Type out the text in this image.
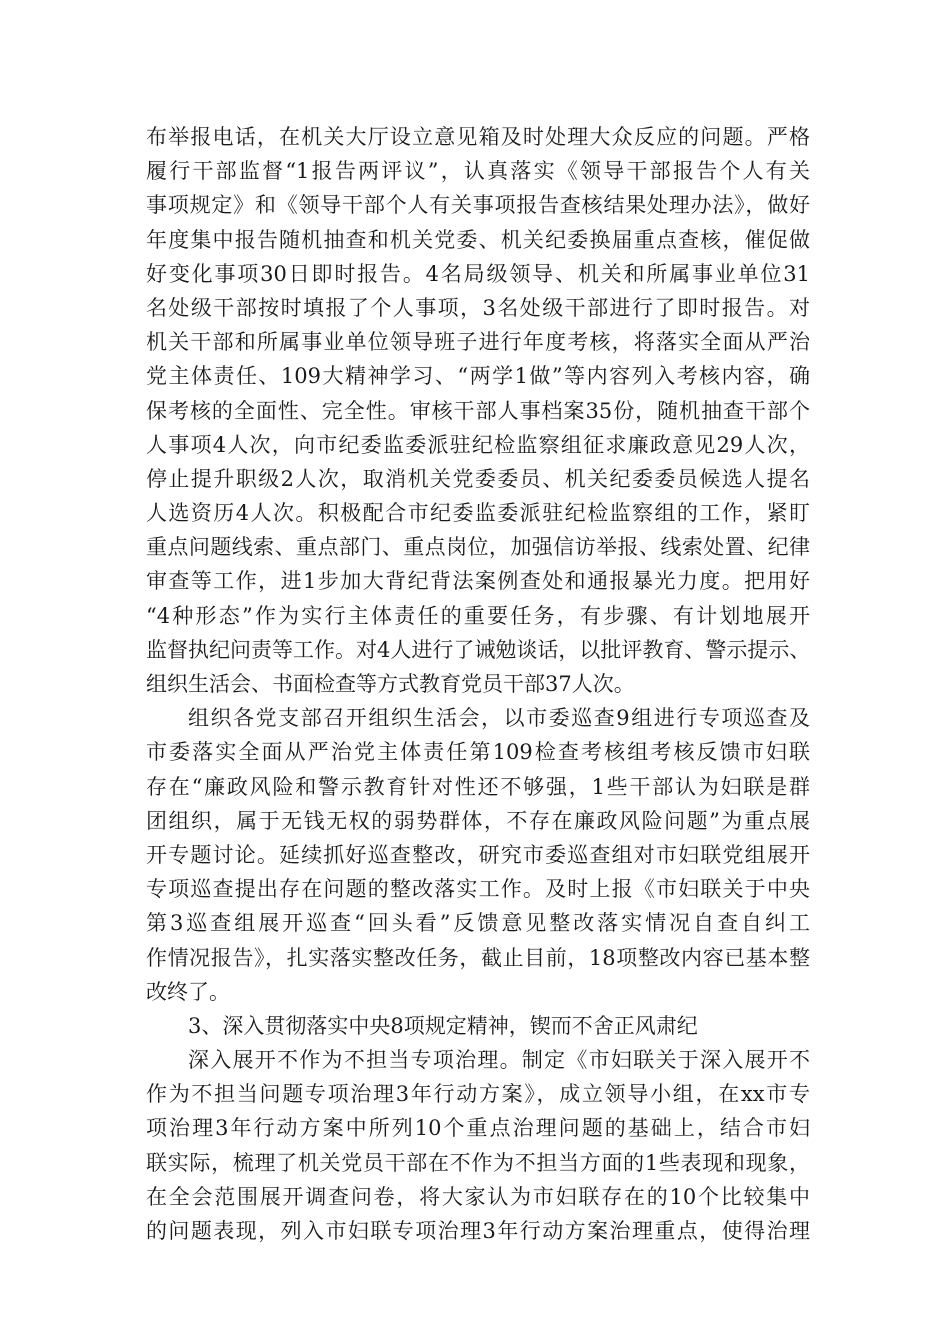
布举报电话，在机关大厅设立意见箱及时处理大众反应的问题。严格
履行干部监督“1报告两评议”，认真落实《领导干部报告个人有关
事项规定》和《领导干部个人有关事项报告查核结果处理办法》，做好
年度集中报告随机抽查和机关党委、机关纪委换届重点查核，催促做
好变化事项30日即时报告。4名局级领导、机关和所属事业单位31
名处级干部按时填报了个人事项，3名处级干部进行了即时报告。对
机关干部和所属事业单位领导班子进行年度考核，将落实全面从严治
党主体责任、109大精神学习、“两学1做”等内容列入考核内容，确
保考核的全面性、完全性。审核干部人事档案35份，随机抽查干部个
人事项4人次，向市纪委监委派驻纪检监察组征求廉政意见29人次，
停止提升职级2人次，取消机关党委委员、机关纪委委员候选人提名
人选资历4人次。积极配合市纪委监委派驻纪检监察组的工作，紧盯
重点问题线索、重点部门、重点岗位，加强信访举报、线索处置、纪律
审查等工作，进1步加大背纪背法案例查处和通报暴光力度。把用好
“4种形态”作为实行主体责任的重要任务，有步骤、有计划地展开
监督执纪问责等工作。对4人进行了诫勉谈话，以批评教育、警示提示、
组织生活会、书面检查等方式教育党员干部37人次。
组织各党支部召开组织生活会，以市委巡查9组进行专项巡查及
市委落实全面从严治党主体责任第109检查考核组考核反馈市妇联
存在“廉政风险和警示教育针对性还不够强，1些干部认为妇联是群
团组织，属于无钱无权的弱势群体，不存在廉政风险问题”为重点展
开专题讨论。延续抓好巡查整改，研究市委巡查组对市妇联党组展开
专项巡查提出存在问题的整改落实工作。及时上报《市妇联关于中央
第3巡查组展开巡查“回头看”反馈意见整改落实情况自查自纠工
作情况报告》，扎实落实整改任务，截止目前，18项整改内容已基本整
改终了。
3、深入贯彻落实中央8项规定精神，锲而不舍正风肃纪
深入展开不作为不担当专项治理。制定《市妇联关于深入展开不
作为不担当问题专项治理3年行动方案》，成立领导小组，在xx市专
项治理3年行动方案中所列10个重点治理问题的基础上，结合市妇
联实际，梳理了机关党员干部在不作为不担当方面的1些表现和现象，
在全会范围展开调查问卷，将大家认为市妇联存在的10个比较集中
的问题表现，列入市妇联专项治理3年行动方案治理重点，使得治理
